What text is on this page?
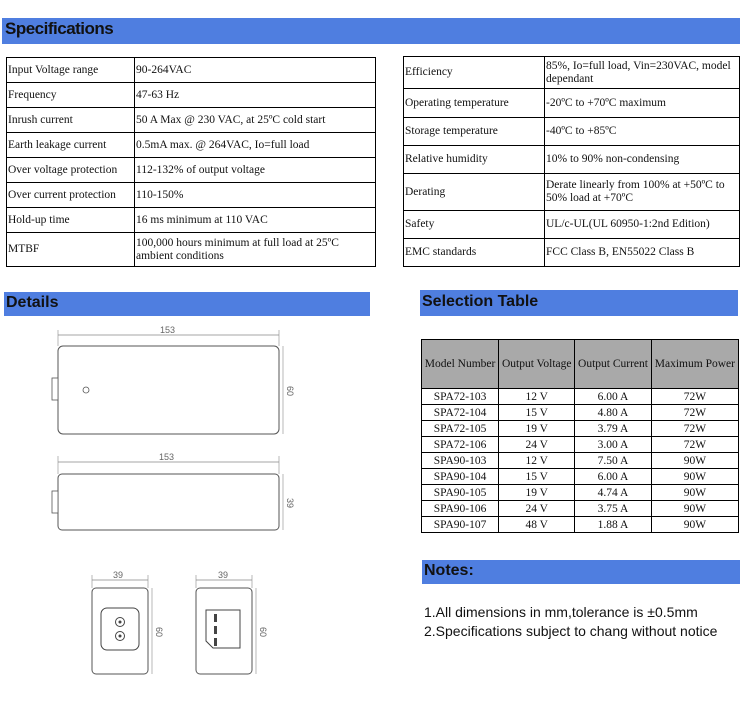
Specifications
Input Voltage range	90-264VAC
Frequency	47-63 Hz
Inrush current	50 A Max @ 230 VAC, at 25ºC cold start
Earth leakage current	0.5mA max. @ 264VAC, Io=full load
Over voltage protection	112-132% of output voltage
Over current protection	110-150%
Hold-up time	16 ms minimum at 110 VAC
MTBF	100,000 hours minimum at full load at 25ºC ambient conditions
Efficiency	85%, Io=full load, Vin=230VAC, model dependant
Operating temperature	-20ºC to +70ºC maximum
Storage temperature	-40ºC to +85ºC
Relative humidity	10% to 90% non-condensing
Derating	Derate linearly from 100% at +50ºC to 50% load at +70ºC
Safety	UL/c-UL(UL 60950-1:2nd Edition)
EMC standards	FCC Class B, EN55022 Class B
Details	Selection Table
Model Number	Output Voltage	Output Current	Maximum Power
SPA72-103	12 V	6.00 A	72W
SPA72-104	15 V	4.80 A	72W
SPA72-105	19 V	3.79 A	72W
SPA72-106	24 V	3.00 A	72W
SPA90-103	12 V	7.50 A	90W
SPA90-104	15 V	6.00 A	90W
SPA90-105	19 V	4.74 A	90W
SPA90-106	24 V	3.75 A	90W
SPA90-107	48 V	1.88 A	90W
Notes:
1.All dimensions in mm,tolerance is ±0.5mm
2.Specifications subject to chang without notice
153
60
153
39
39
60
39
60
